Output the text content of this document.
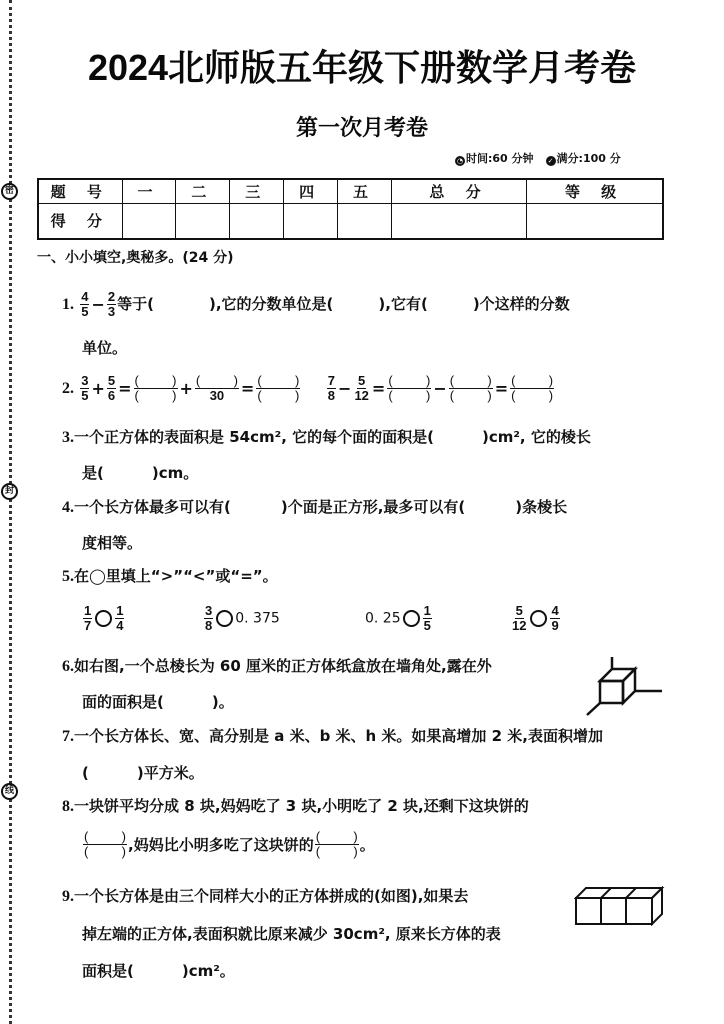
密
封
线
2024北师版五年级下册数学月考卷
第一次月考卷
◔ 时间:60 分钟 ✓ 满分:100 分
题 号	一	二	三	四	五	总 分	等 级
得 分							
一、小小填空,奥秘多。(24 分)
1. $\frac{4}{5} - \frac{2}{3}$ 等于(	),它的分数单位是(	),它有(	)个这样的分数
单位。
2. $\frac{3}{5} + \frac{5}{6}$ = (	)
(	) + (	)
30 = (	)
(	)
$\frac{7}{8} - \frac{5}{12}$ = (	)
(	) − (	)
(	) = (	)
(	)
3.一个正方体的表面积是 54cm², 它的每个面的面积是(	)cm², 它的棱长
是(	)cm。
4.一个长方体最多可以有(	)个面是正方形,最多可以有(	)条棱长
度相等。
5.在◯里填上“>”“<”或“=”。
$\frac{1}{7} \frac{1}{4}$	$\frac{3}{8} 0$. 375	0. $25 \frac{1}{5}$	$\frac{5}{12} \frac{4}{9}$
6.如右图,一个总棱长为 60 厘米的正方体纸盒放在墙角处,露在外
面的面积是(	)。
7.一个长方体长、宽、高分别是 a 米、b 米、h 米。如果高增加 2 米,表面积增加
(	)平方米。
8.一块饼平均分成 8 块,妈妈吃了 3 块,小明吃了 2 块,还剩下这块饼的
(	)
(	) ,妈妈比小明多吃了这块饼的 (	)
(	) 。
9.一个长方体是由三个同样大小的正方体拼成的(如图),如果去
掉左端的正方体,表面积就比原来减少 30cm², 原来长方体的表
面积是(	)cm²。
